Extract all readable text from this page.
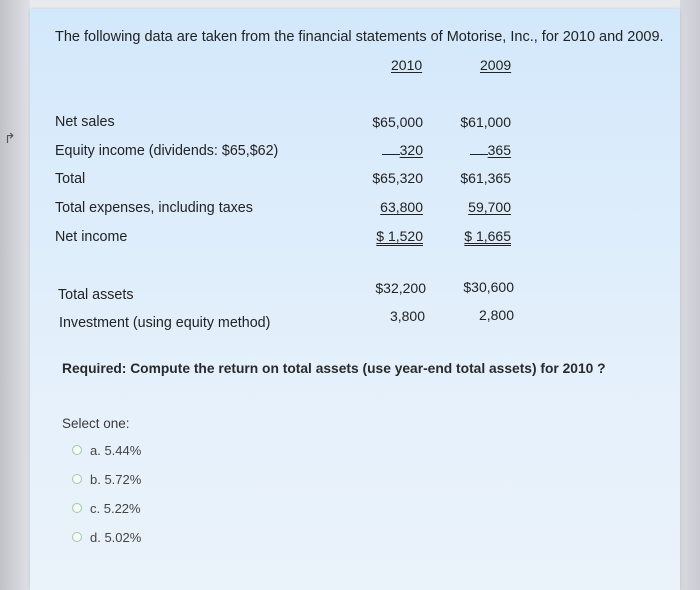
↱
The following data are taken from the financial statements of Motorise, Inc., for 2010 and 2009.
2010	2009
Net sales	$65,000	$61,000
Equity income (dividends: $65,$62)	320	365
Total	$65,320	$61,365
Total expenses, including taxes	63,800	59,700
Net income	$ 1,520	$ 1,665
Total assets	$32,200	$30,600
Investment (using equity method)	3,800	2,800
Required: Compute the return on total assets (use year-end total assets) for 2010 ?
Select one:
a. 5.44%
b. 5.72%
c. 5.22%
d. 5.02%
